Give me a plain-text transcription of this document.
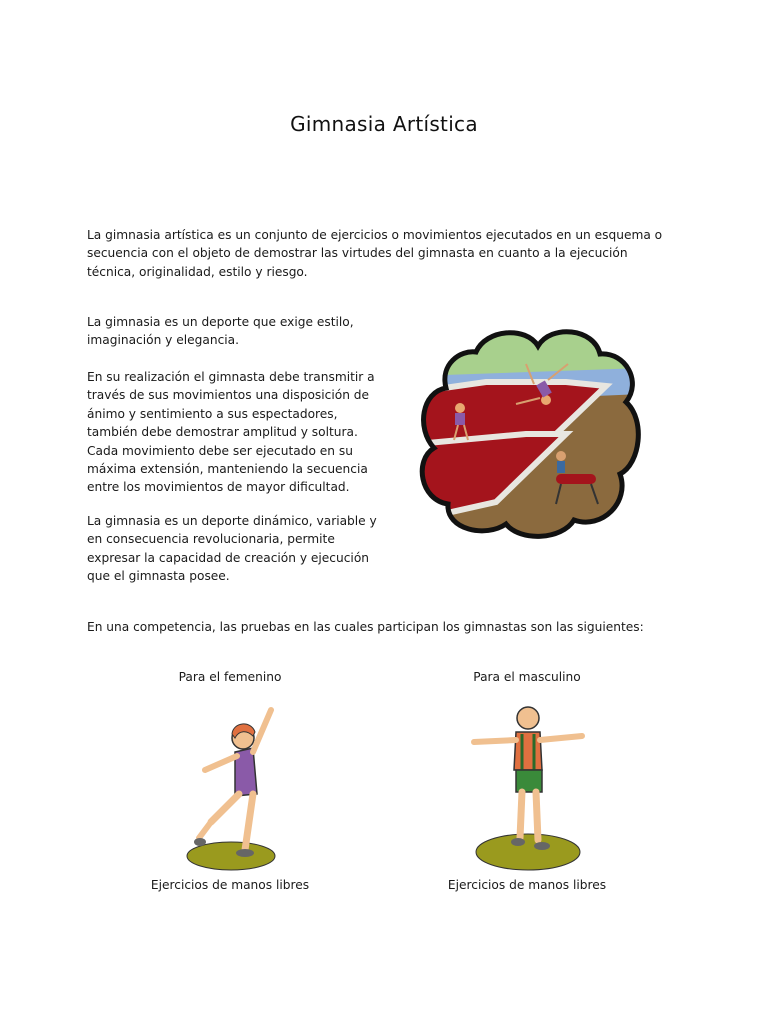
Gimnasia Artística
La gimnasia artística es un conjunto de ejercicios o movimientos ejecutados en un esquema o secuencia con el objeto de demostrar las virtudes del gimnasta en cuanto a la ejecución técnica, originalidad, estilo y riesgo.
La gimnasia es un deporte que exige estilo, imaginación y elegancia.
En su realización el gimnasta debe transmitir a través de sus movimientos una disposición de ánimo y sentimiento a sus espectadores, también debe demostrar amplitud y soltura. Cada movimiento debe ser ejecutado en su máxima extensión, manteniendo la secuencia entre los movimientos de mayor dificultad.
La gimnasia es un deporte dinámico, variable y en consecuencia revolucionaria, permite expresar la capacidad de creación y ejecución que el gimnasta posee.
En una competencia, las pruebas en las cuales participan los gimnastas son las siguientes:
Para el femenino	Para el masculino
Ejercicios de manos libres	Ejercicios de manos libres
